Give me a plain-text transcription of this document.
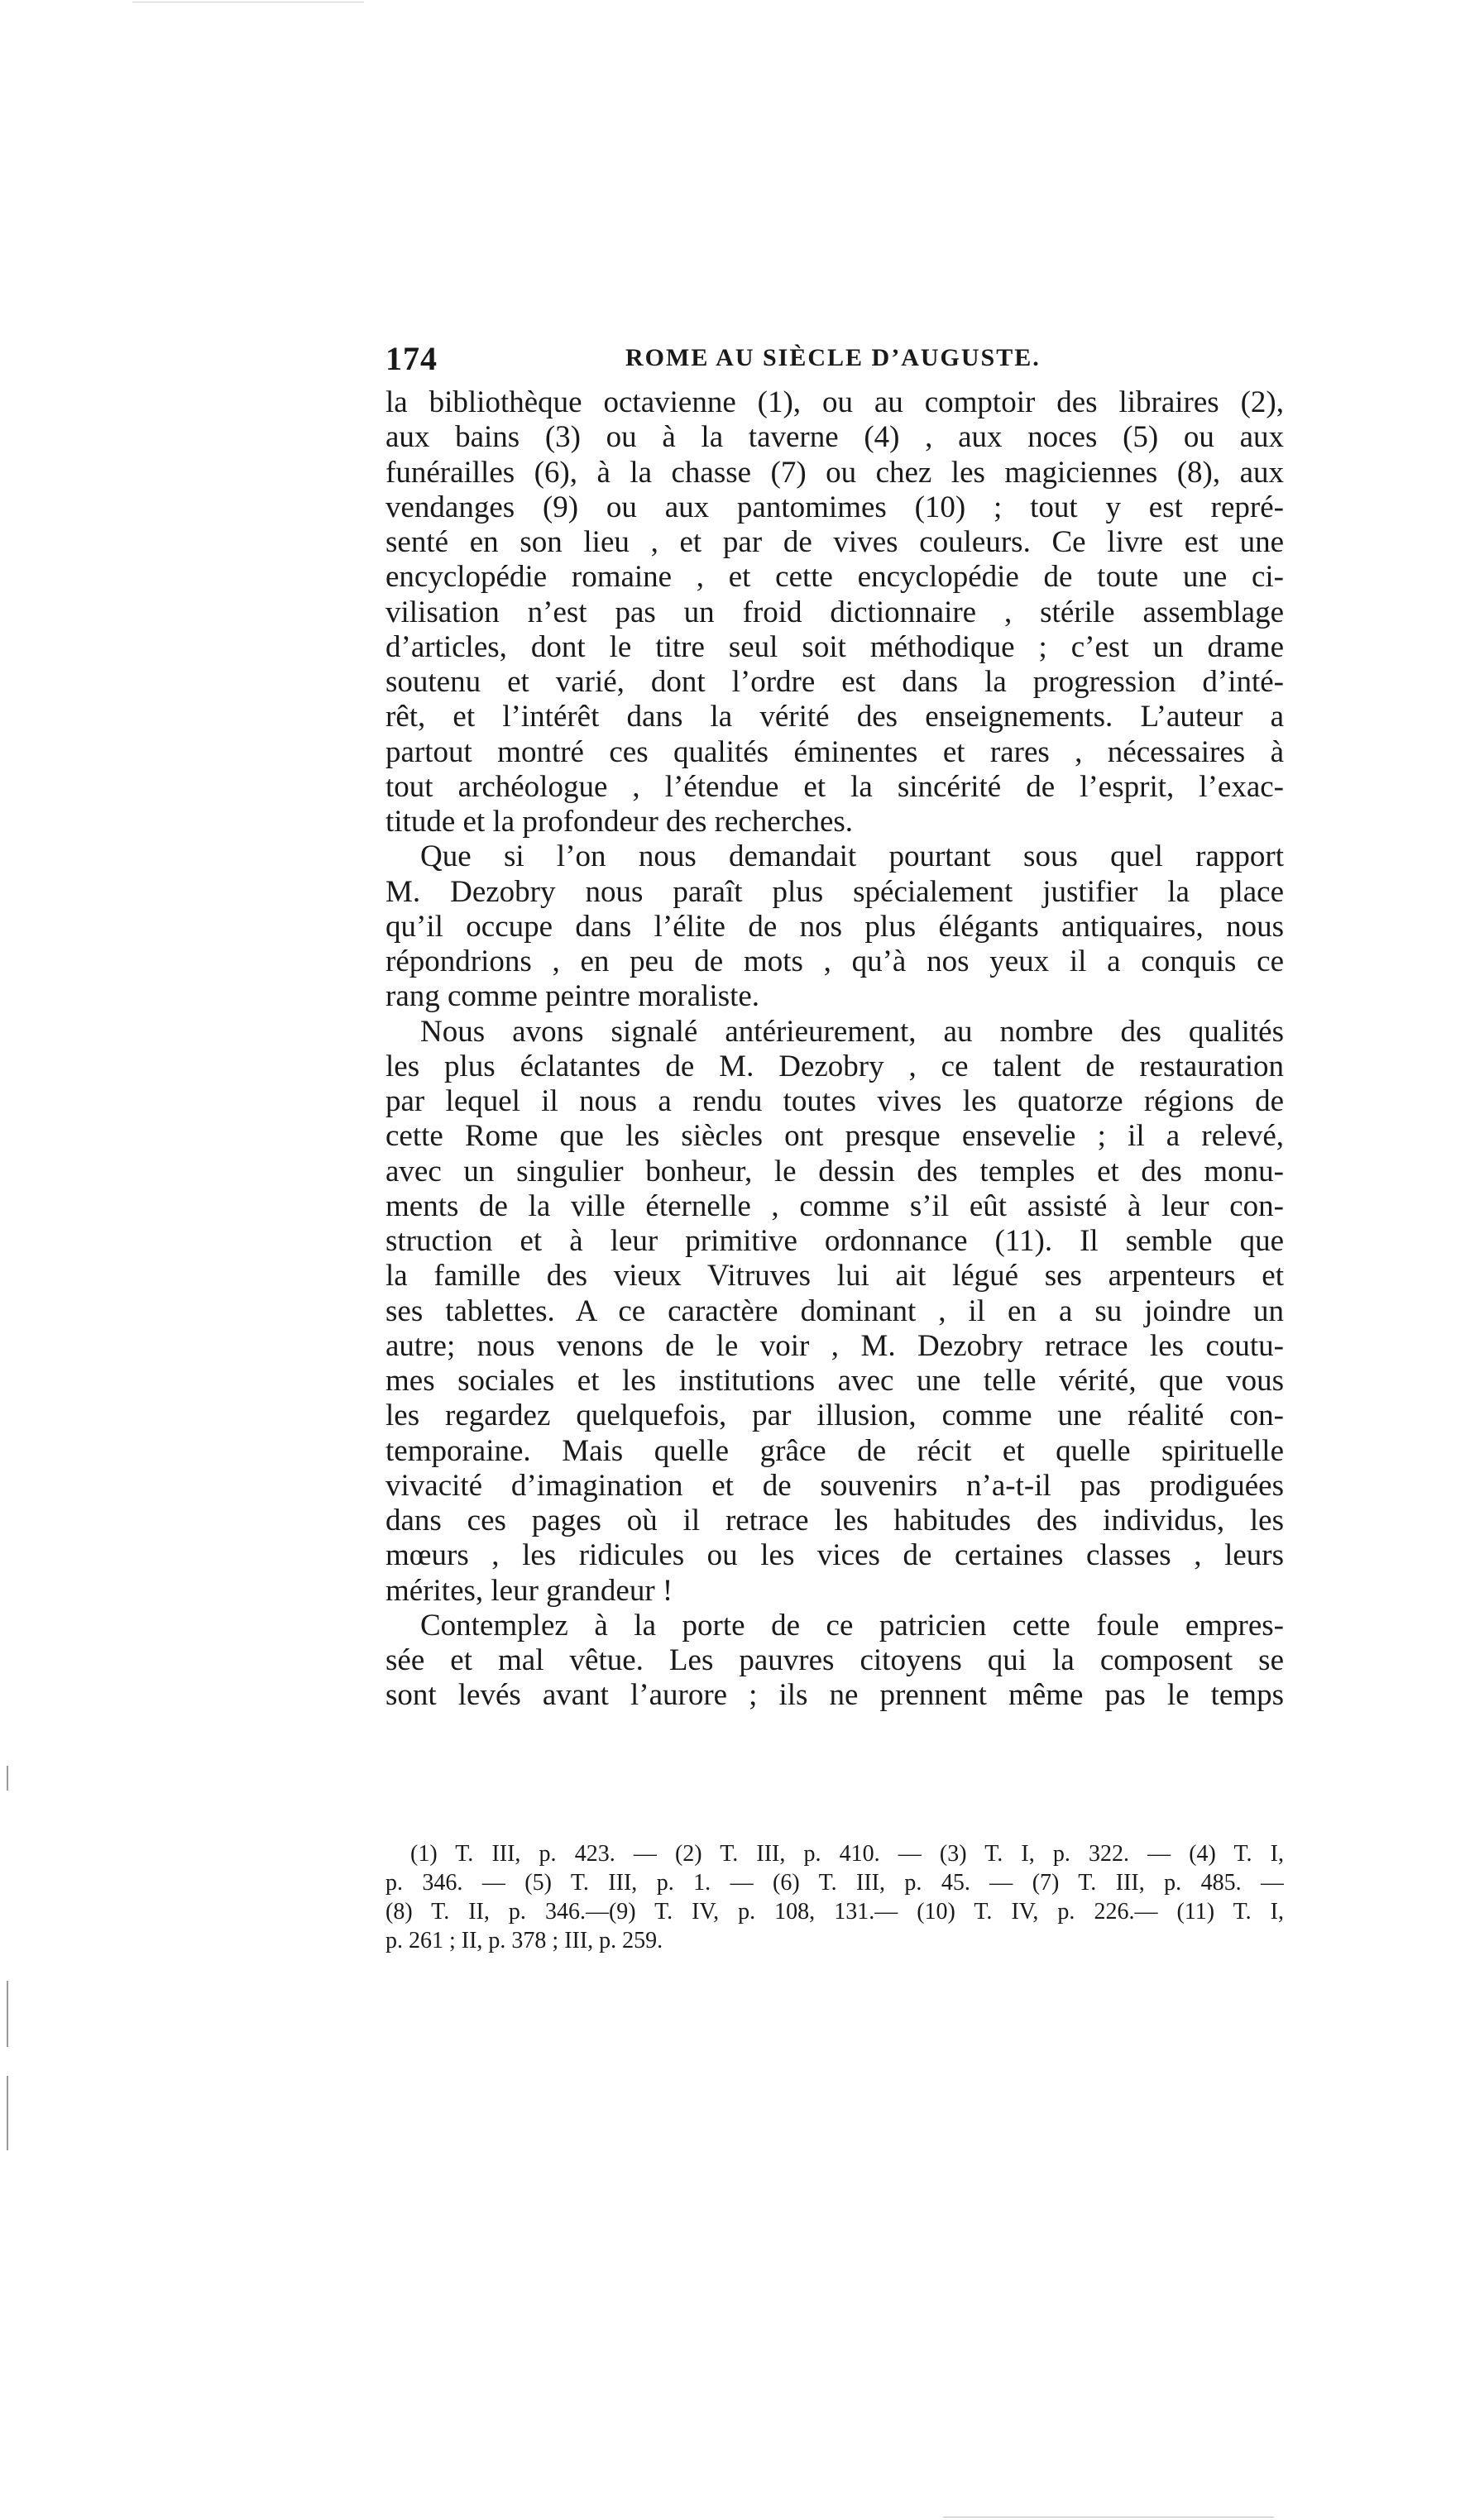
174	ROME AU SIÈCLE D’AUGUSTE.
la bibliothèque octavienne (1), ou au comptoir des libraires (2),
aux bains (3) ou à la taverne (4) , aux noces (5) ou aux
funérailles (6), à la chasse (7) ou chez les magiciennes (8), aux
vendanges (9) ou aux pantomimes (10) ; tout y est repré-
senté en son lieu , et par de vives couleurs. Ce livre est une
encyclopédie romaine , et cette encyclopédie de toute une ci-
vilisation n’est pas un froid dictionnaire , stérile assemblage
d’articles, dont le titre seul soit méthodique ; c’est un drame
soutenu et varié, dont l’ordre est dans la progression d’inté-
rêt, et l’intérêt dans la vérité des enseignements. L’auteur a
partout montré ces qualités éminentes et rares , nécessaires à
tout archéologue , l’étendue et la sincérité de l’esprit, l’exac-
titude et la profondeur des recherches.
Que si l’on nous demandait pourtant sous quel rapport
M. Dezobry nous paraît plus spécialement justifier la place
qu’il occupe dans l’élite de nos plus élégants antiquaires, nous
répondrions , en peu de mots , qu’à nos yeux il a conquis ce
rang comme peintre moraliste.
Nous avons signalé antérieurement, au nombre des qualités
les plus éclatantes de M. Dezobry , ce talent de restauration
par lequel il nous a rendu toutes vives les quatorze régions de
cette Rome que les siècles ont presque ensevelie ; il a relevé,
avec un singulier bonheur, le dessin des temples et des monu-
ments de la ville éternelle , comme s’il eût assisté à leur con-
struction et à leur primitive ordonnance (11). Il semble que
la famille des vieux Vitruves lui ait légué ses arpenteurs et
ses tablettes. A ce caractère dominant , il en a su joindre un
autre; nous venons de le voir , M. Dezobry retrace les coutu-
mes sociales et les institutions avec une telle vérité, que vous
les regardez quelquefois, par illusion, comme une réalité con-
temporaine. Mais quelle grâce de récit et quelle spirituelle
vivacité d’imagination et de souvenirs n’a-t-il pas prodiguées
dans ces pages où il retrace les habitudes des individus, les
mœurs , les ridicules ou les vices de certaines classes , leurs
mérites, leur grandeur !
Contemplez à la porte de ce patricien cette foule empres-
sée et mal vêtue. Les pauvres citoyens qui la composent se
sont levés avant l’aurore ; ils ne prennent même pas le temps
(1) T. III, p. 423. — (2) T. III, p. 410. — (3) T. I, p. 322. — (4) T. I,
p. 346. — (5) T. III, p. 1. — (6) T. III, p. 45. — (7) T. III, p. 485. —
(8) T. II, p. 346.—(9) T. IV, p. 108, 131.— (10) T. IV, p. 226.— (11) T. I,
p. 261 ; II, p. 378 ; III, p. 259.
